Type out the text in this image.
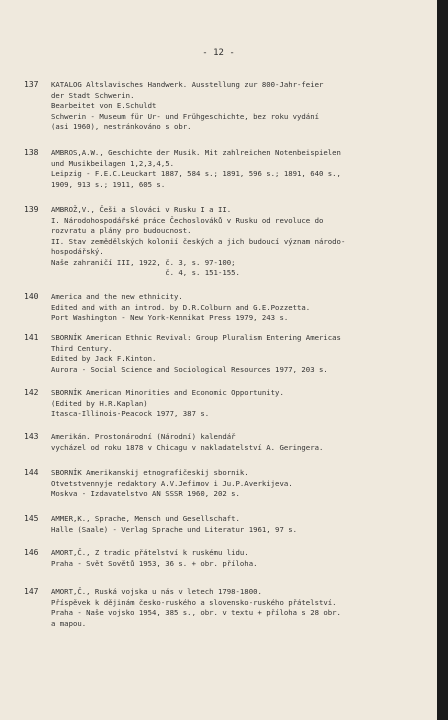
- 12 -
137	KATALOG Altslavisches Handwerk. Ausstellung zur 800-Jahr-feier
der Stadt Schwerin.
Bearbeitet von E.Schuldt
Schwerin - Museum für Ur- und Frühgeschichte, bez roku vydání
(asi 1960), nestránkováno s obr.
138	AMBROS,A.W., Geschichte der Musik. Mit zahlreichen Notenbeispielen
und Musikbeilagen 1,2,3,4,5.
Leipzig - F.E.C.Leuckart 1887, 584 s.; 1891, 596 s.; 1891, 640 s.,
1909, 913 s.; 1911, 605 s.
139	AMBROŽ,V., Češi a Slováci v Rusku I a II.
I. Národohospodářské práce Čechoslováků v Rusku od revoluce do
rozvratu a plány pro budoucnost.
II. Stav zemědělských kolonií českých a jich budoucí význam národo-
hospodářský.
Naše zahraničí III, 1922, č. 3, s. 97-100;
č. 4, s. 151-155.
140	America and the new ethnicity.
Edited and with an introd. by D.R.Colburn and G.E.Pozzetta.
Port Washington - New York-Kennikat Press 1979, 243 s.
141	SBORNÍK American Ethnic Revival: Group Pluralism Entering Americas
Third Century.
Edited by Jack F.Kinton.
Aurora - Social Science and Sociological Resources 1977, 203 s.
142	SBORNÍK American Minorities and Economic Opportunity.
(Edited by H.R.Kaplan)
Itasca-Illinois-Peacock 1977, 387 s.
143	Amerikán. Prostonárodní (Národní) kalendář
vycházel od roku 1878 v Chicagu v nakladatelství A. Geringera.
144	SBORNÍK Amerikanskij etnografičeskij sbornik.
Otvetstvennyje redaktory A.V.Jefimov i Ju.P.Averkijeva.
Moskva - Izdavatelstvo AN SSSR 1960, 202 s.
145	AMMER,K., Sprache, Mensch und Gesellschaft.
Halle (Saale) - Verlag Sprache und Literatur 1961, 97 s.
146	AMORT,Č., Z tradic přátelství k ruskému lidu.
Praha - Svět Sovětů 1953, 36 s. + obr. příloha.
147	AMORT,Č., Ruská vojska u nás v letech 1798-1800.
Příspěvek k dějinám česko-ruského a slovensko-ruského přátelství.
Praha - Naše vojsko 1954, 385 s., obr. v textu + příloha s 28 obr.
a mapou.
